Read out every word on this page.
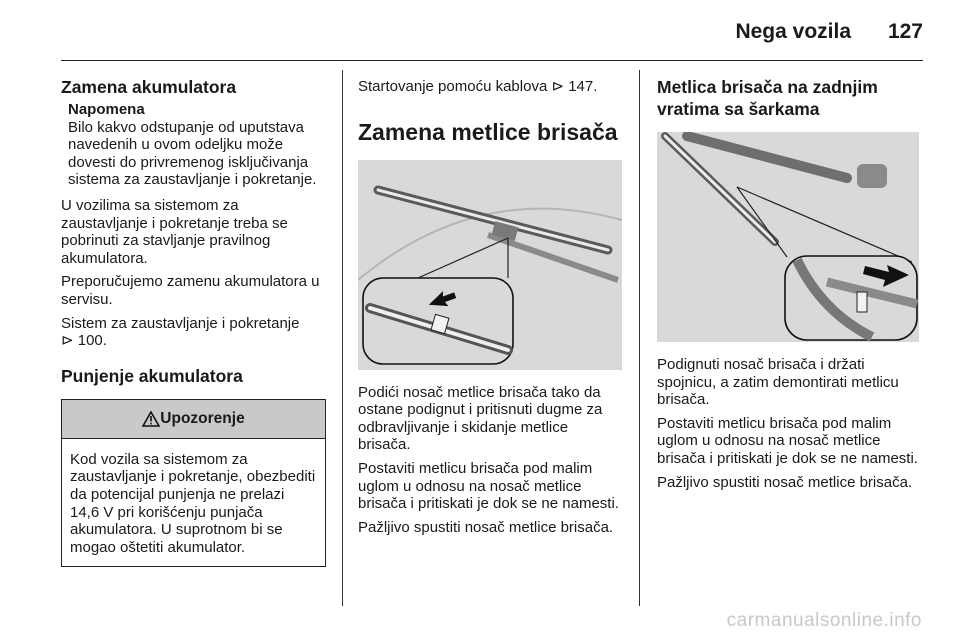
Nega vozila 127
Zamena akumulatora

Napomena

Bilo kakvo odstupanje od uputstava navedenih u ovom odeljku može dovesti do privremenog isključivanja sistema za zaustavljanje i pokretanje.

U vozilima sa sistemom za zaustavljanje i pokretanje treba se pobrinuti za stavljanje pravilnog akumulatora.

Preporučujemo zamenu akumulatora u servisu.

Sistem za zaustavljanje i pokretanje
⊳ 100.

Punjenje akumulatora
Upozorenje

Kod vozila sa sistemom za zaustavljanje i pokretanje, obezbediti da potencijal punjenja ne prelazi 14,6 V pri korišćenju punjača akumulatora. U suprotnom bi se mogao oštetiti akumulator.

Startovanje pomoću kablova ⊳ 147.

Zamena metlice brisača

Podići nosač metlice brisača tako da ostane podignut i pritisnuti dugme za odbravljivanje i skidanje metlice brisača.

Postaviti metlicu brisača pod malim uglom u odnosu na nosač metlice brisača i pritiskati je dok se ne namesti.

Pažljivo spustiti nosač metlice brisača.

Metlica brisača na zadnjim vratima sa šarkama

Podignuti nosač brisača i držati spojnicu, a zatim demontirati metlicu brisača.

Postaviti metlicu brisača pod malim uglom u odnosu na nosač metlice brisača i pritiskati je dok se ne namesti.

Pažljivo spustiti nosač metlice brisača.

carmanualsonline.info
